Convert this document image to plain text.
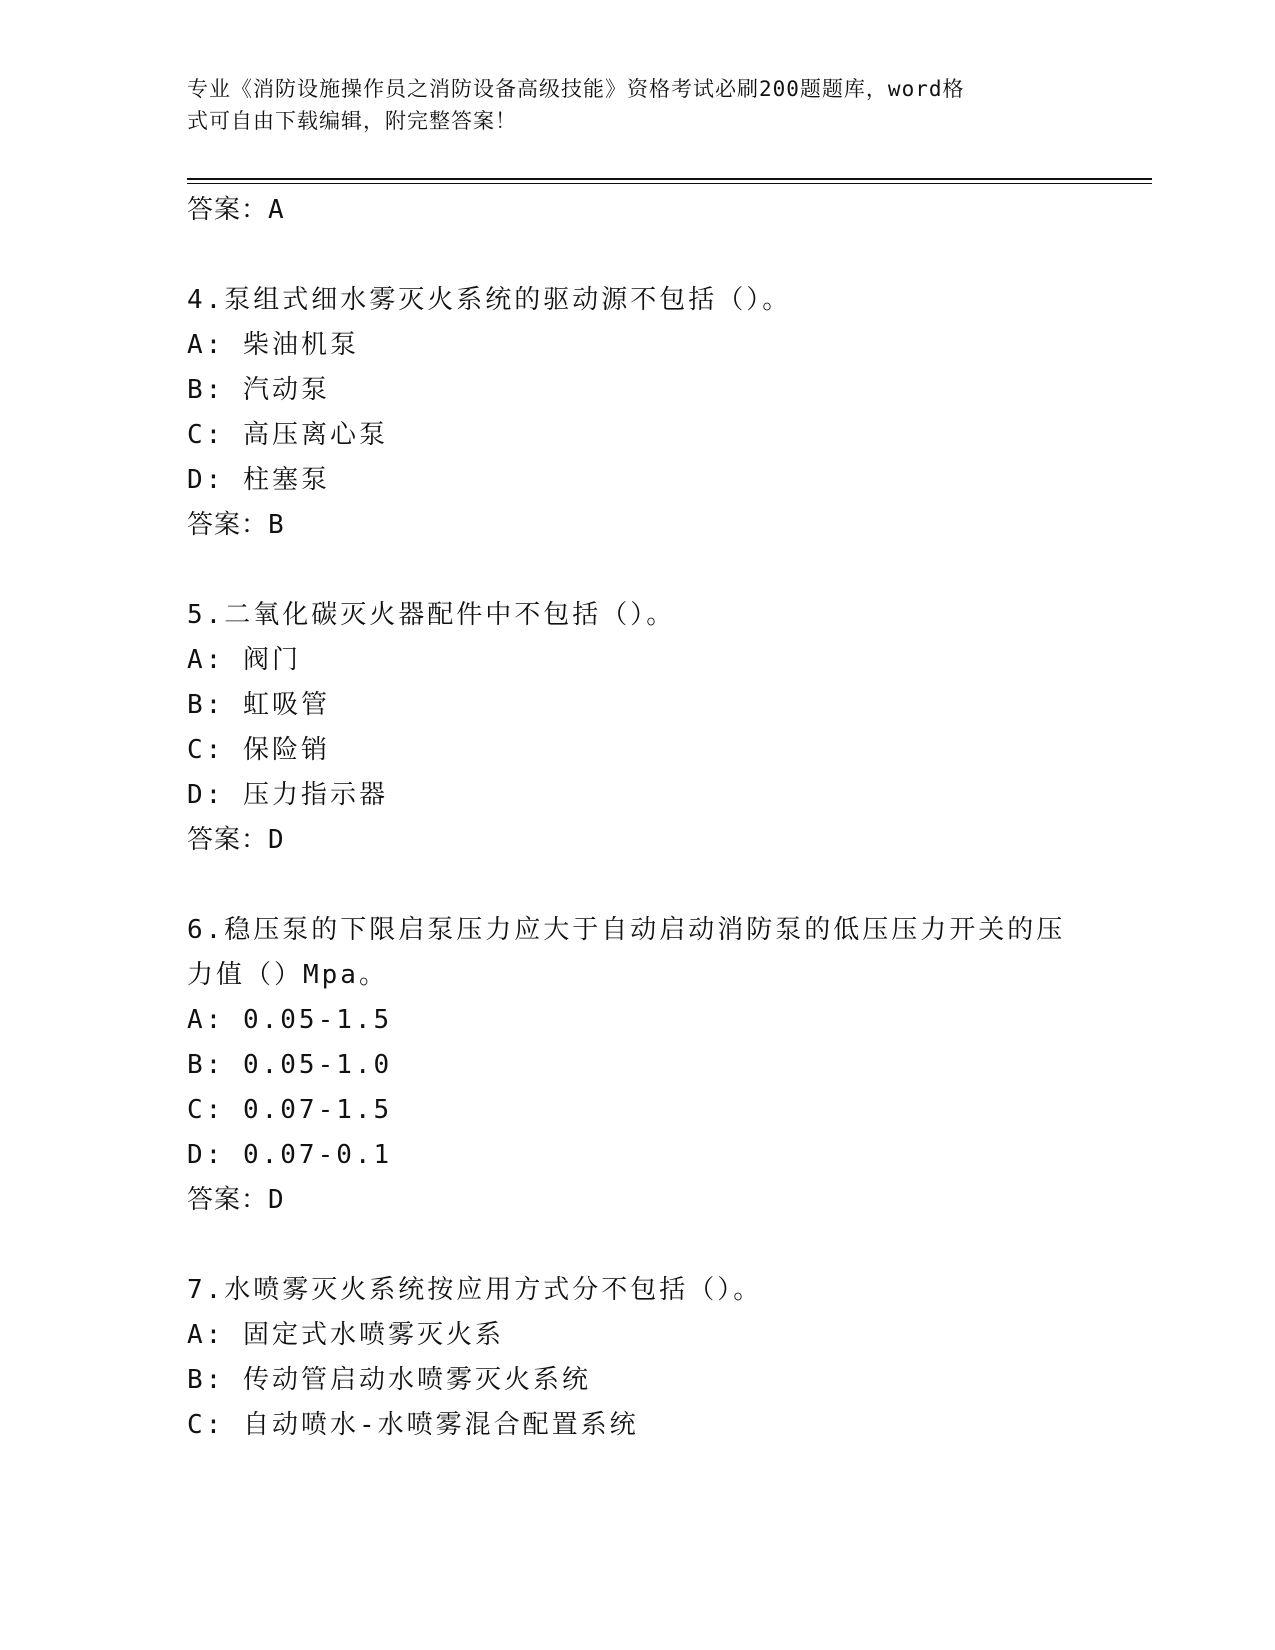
专业《消防设施操作员之消防设备高级技能》资格考试必刷200题题库，word格
式可自由下载编辑，附完整答案！
答案：A
4.泵组式细水雾灭火系统的驱动源不包括（）。
A: 柴油机泵
B: 汽动泵
C: 高压离心泵
D: 柱塞泵
答案：B
5.二氧化碳灭火器配件中不包括（）。
A: 阀门
B: 虹吸管
C: 保险销
D: 压力指示器
答案：D
6.稳压泵的下限启泵压力应大于自动启动消防泵的低压压力开关的压
力值（）Mpa。
A: 0.05-1.5
B: 0.05-1.0
C: 0.07-1.5
D: 0.07-0.1
答案：D
7.水喷雾灭火系统按应用方式分不包括（）。
A: 固定式水喷雾灭火系
B: 传动管启动水喷雾灭火系统
C: 自动喷水-水喷雾混合配置系统
